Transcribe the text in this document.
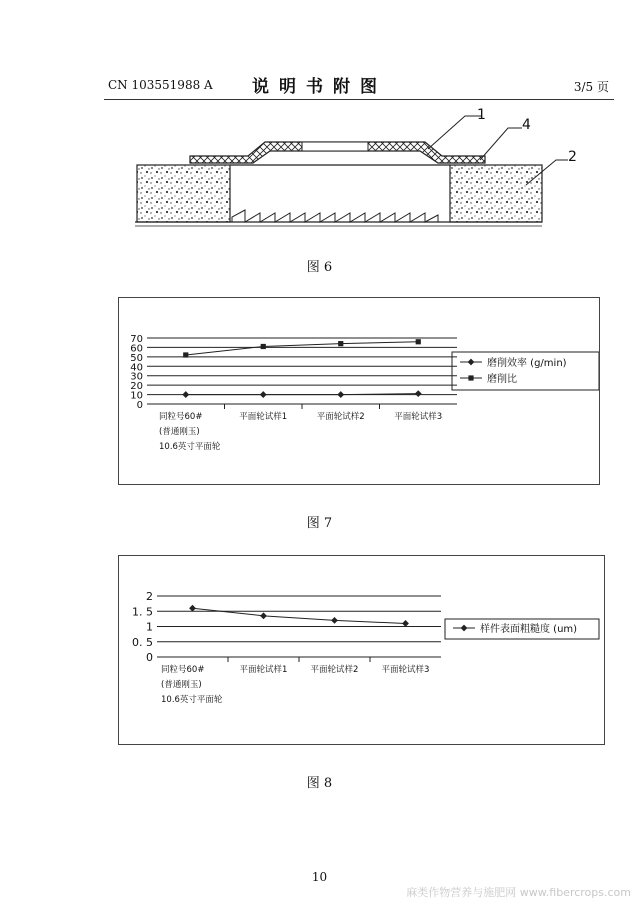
CN 103551988 A	说明书附图	3/5 页
1
4
2
图 6
70
60
50
40
30
20
10
0
同粒号60#
(普通刚玉)
10.6英寸平面轮
平面轮试样1	平面轮试样2	平面轮试样3
磨削效率 (g/min)
磨削比
图 7
2
1. 5
1
0. 5
0
同粒号60#
(普通刚玉)
10.6英寸平面轮
平面轮试样1	平面轮试样2	平面轮试样3
样件表面粗糙度 (um)
图 8
10
麻类作物营养与施肥网 www.fibercrops.com
